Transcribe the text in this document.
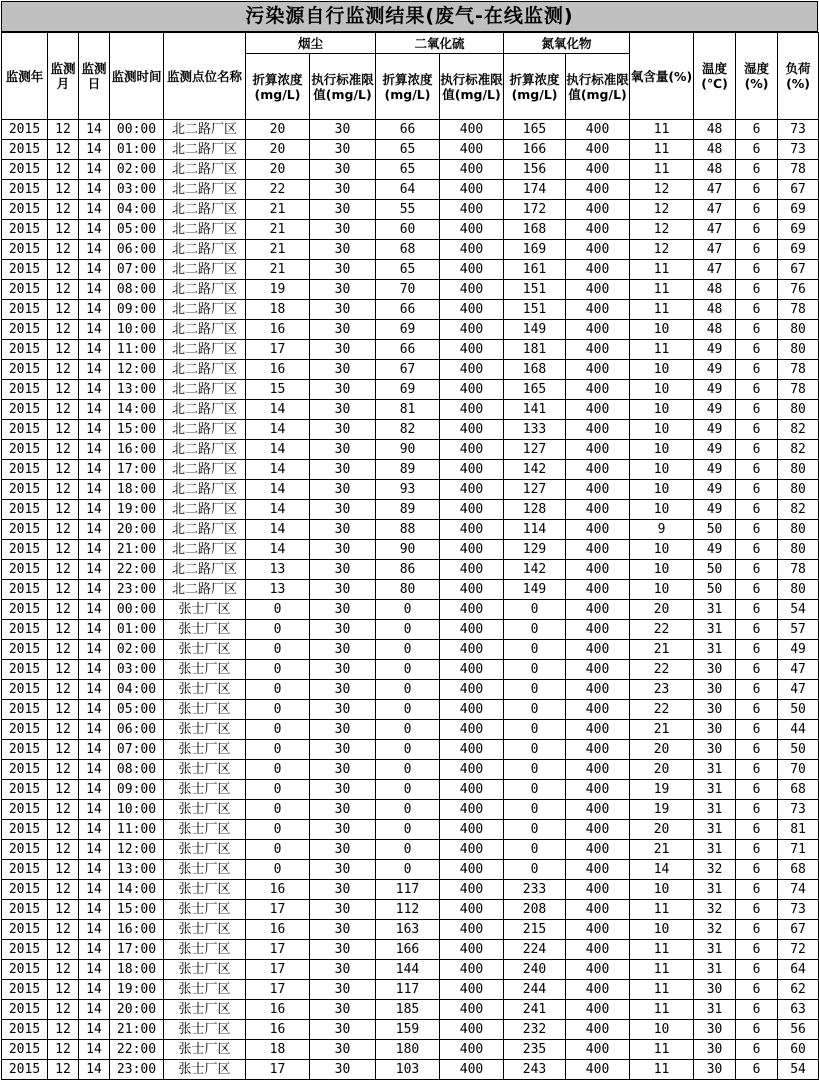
污染源自行监测结果(废气-在线监测)
监测年	监测月	监测日	监测时间	监测点位名称	烟尘		二氧化硫		氮氧化物		氧含量(%)	温度(℃)	湿度(%)	负荷(%)
					折算浓度(mg/L)	执行标准限值(mg/L)	折算浓度(mg/L)	执行标准限值(mg/L)	折算浓度(mg/L)	执行标准限值(mg/L)				
2015	12	14	00:00	北二路厂区	20	30	66	400	165	400	11	48	6	73
2015	12	14	01:00	北二路厂区	20	30	65	400	166	400	11	48	6	73
2015	12	14	02:00	北二路厂区	20	30	65	400	156	400	11	48	6	78
2015	12	14	03:00	北二路厂区	22	30	64	400	174	400	12	47	6	67
2015	12	14	04:00	北二路厂区	21	30	55	400	172	400	12	47	6	69
2015	12	14	05:00	北二路厂区	21	30	60	400	168	400	12	47	6	69
2015	12	14	06:00	北二路厂区	21	30	68	400	169	400	12	47	6	69
2015	12	14	07:00	北二路厂区	21	30	65	400	161	400	11	47	6	67
2015	12	14	08:00	北二路厂区	19	30	70	400	151	400	11	48	6	76
2015	12	14	09:00	北二路厂区	18	30	66	400	151	400	11	48	6	78
2015	12	14	10:00	北二路厂区	16	30	69	400	149	400	10	48	6	80
2015	12	14	11:00	北二路厂区	17	30	66	400	181	400	11	49	6	80
2015	12	14	12:00	北二路厂区	16	30	67	400	168	400	10	49	6	78
2015	12	14	13:00	北二路厂区	15	30	69	400	165	400	10	49	6	78
2015	12	14	14:00	北二路厂区	14	30	81	400	141	400	10	49	6	80
2015	12	14	15:00	北二路厂区	14	30	82	400	133	400	10	49	6	82
2015	12	14	16:00	北二路厂区	14	30	90	400	127	400	10	49	6	82
2015	12	14	17:00	北二路厂区	14	30	89	400	142	400	10	49	6	80
2015	12	14	18:00	北二路厂区	14	30	93	400	127	400	10	49	6	80
2015	12	14	19:00	北二路厂区	14	30	89	400	128	400	10	49	6	82
2015	12	14	20:00	北二路厂区	14	30	88	400	114	400	9	50	6	80
2015	12	14	21:00	北二路厂区	14	30	90	400	129	400	10	49	6	80
2015	12	14	22:00	北二路厂区	13	30	86	400	142	400	10	50	6	78
2015	12	14	23:00	北二路厂区	13	30	80	400	149	400	10	50	6	80
2015	12	14	00:00	张士厂区	0	30	0	400	0	400	20	31	6	54
2015	12	14	01:00	张士厂区	0	30	0	400	0	400	22	31	6	57
2015	12	14	02:00	张士厂区	0	30	0	400	0	400	21	31	6	49
2015	12	14	03:00	张士厂区	0	30	0	400	0	400	22	30	6	47
2015	12	14	04:00	张士厂区	0	30	0	400	0	400	23	30	6	47
2015	12	14	05:00	张士厂区	0	30	0	400	0	400	22	30	6	50
2015	12	14	06:00	张士厂区	0	30	0	400	0	400	21	30	6	44
2015	12	14	07:00	张士厂区	0	30	0	400	0	400	20	30	6	50
2015	12	14	08:00	张士厂区	0	30	0	400	0	400	20	31	6	70
2015	12	14	09:00	张士厂区	0	30	0	400	0	400	19	31	6	68
2015	12	14	10:00	张士厂区	0	30	0	400	0	400	19	31	6	73
2015	12	14	11:00	张士厂区	0	30	0	400	0	400	20	31	6	81
2015	12	14	12:00	张士厂区	0	30	0	400	0	400	21	31	6	71
2015	12	14	13:00	张士厂区	0	30	0	400	0	400	14	32	6	68
2015	12	14	14:00	张士厂区	16	30	117	400	233	400	10	31	6	74
2015	12	14	15:00	张士厂区	17	30	112	400	208	400	11	32	6	73
2015	12	14	16:00	张士厂区	16	30	163	400	215	400	10	32	6	67
2015	12	14	17:00	张士厂区	17	30	166	400	224	400	11	31	6	72
2015	12	14	18:00	张士厂区	17	30	144	400	240	400	11	31	6	64
2015	12	14	19:00	张士厂区	17	30	117	400	244	400	11	30	6	62
2015	12	14	20:00	张士厂区	16	30	185	400	241	400	11	31	6	63
2015	12	14	21:00	张士厂区	16	30	159	400	232	400	10	30	6	56
2015	12	14	22:00	张士厂区	18	30	180	400	235	400	11	30	6	60
2015	12	14	23:00	张士厂区	17	30	103	400	243	400	11	30	6	54
